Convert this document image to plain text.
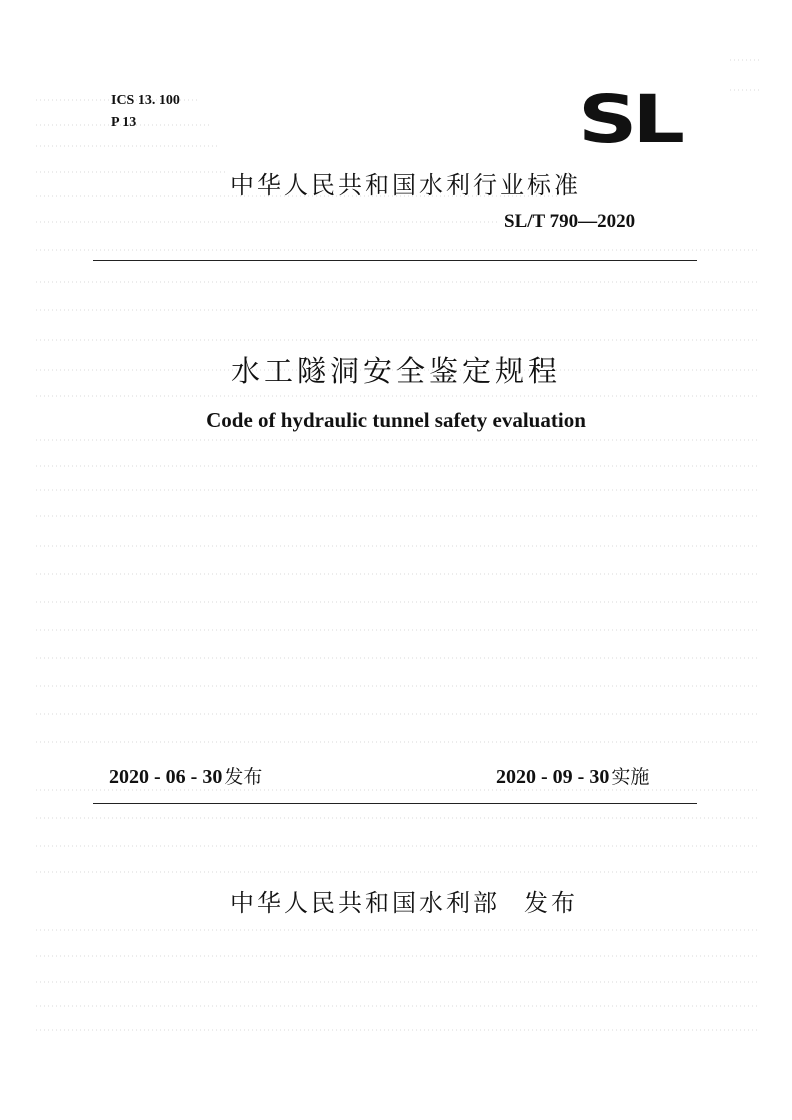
ICS 13. 100
P 13	SL
中华人民共和国水利行业标准
SL/T 790—2020
水工隧洞安全鉴定规程
Code of hydraulic tunnel safety evaluation
2020 - 06 - 30 发布	2020 - 09 - 30 实施
中华人民共和国水利部 发布
